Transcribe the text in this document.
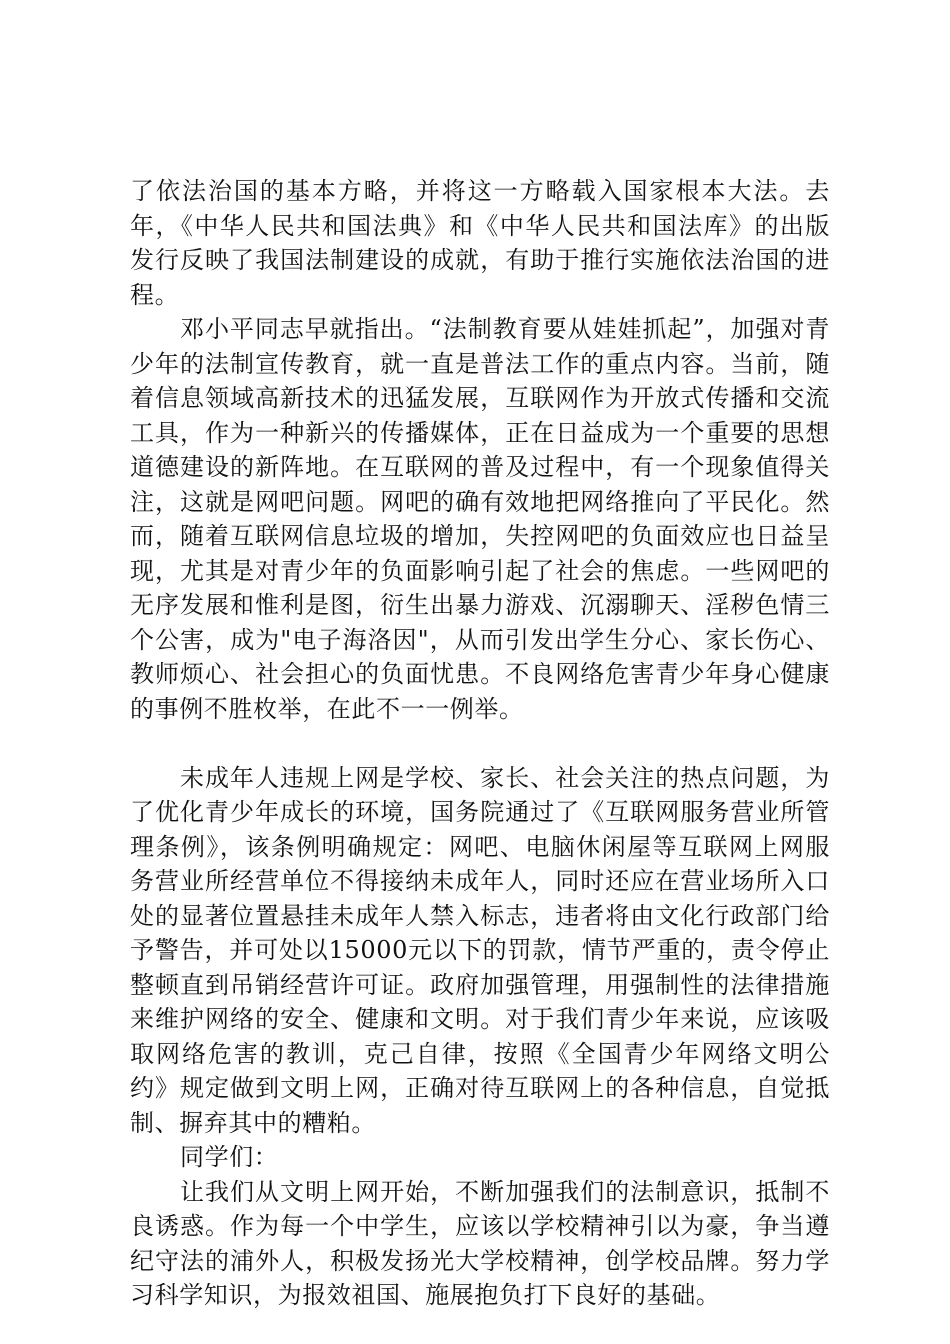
了依法治国的基本方略，并将这一方略载入国家根本大法。去年，《中华人民共和国法典》和《中华人民共和国法库》的出版发行反映了我国法制建设的成就，有助于推行实施依法治国的进程。

邓小平同志早就指出。“法制教育要从娃娃抓起”，加强对青少年的法制宣传教育，就一直是普法工作的重点内容。当前，随着信息领域高新技术的迅猛发展，互联网作为开放式传播和交流工具，作为一种新兴的传播媒体，正在日益成为一个重要的思想道德建设的新阵地。在互联网的普及过程中，有一个现象值得关注，这就是网吧问题。网吧的确有效地把网络推向了平民化。然而，随着互联网信息垃圾的增加，失控网吧的负面效应也日益呈现，尤其是对青少年的负面影响引起了社会的焦虑。一些网吧的无序发展和惟利是图，衍生出暴力游戏、沉溺聊天、淫秽色情三个公害，成为"电子海洛因"，从而引发出学生分心、家长伤心、教师烦心、社会担心的负面忧患。不良网络危害青少年身心健康的事例不胜枚举，在此不一一例举。

未成年人违规上网是学校、家长、社会关注的热点问题，为了优化青少年成长的环境，国务院通过了《互联网服务营业所管理条例》，该条例明确规定：网吧、电脑休闲屋等互联网上网服务营业所经营单位不得接纳未成年人，同时还应在营业场所入口处的显著位置悬挂未成年人禁入标志，违者将由文化行政部门给予警告，并可处以15000元以下的罚款，情节严重的，责令停止整顿直到吊销经营许可证。政府加强管理，用强制性的法律措施来维护网络的安全、健康和文明。对于我们青少年来说，应该吸取网络危害的教训，克己自律，按照《全国青少年网络文明公约》规定做到文明上网，正确对待互联网上的各种信息，自觉抵制、摒弃其中的糟粕。

同学们：

让我们从文明上网开始，不断加强我们的法制意识，抵制不良诱惑。作为每一个中学生，应该以学校精神引以为豪，争当遵纪守法的浦外人，积极发扬光大学校精神，创学校品牌。努力学习科学知识，为报效祖国、施展抱负打下良好的基础。
